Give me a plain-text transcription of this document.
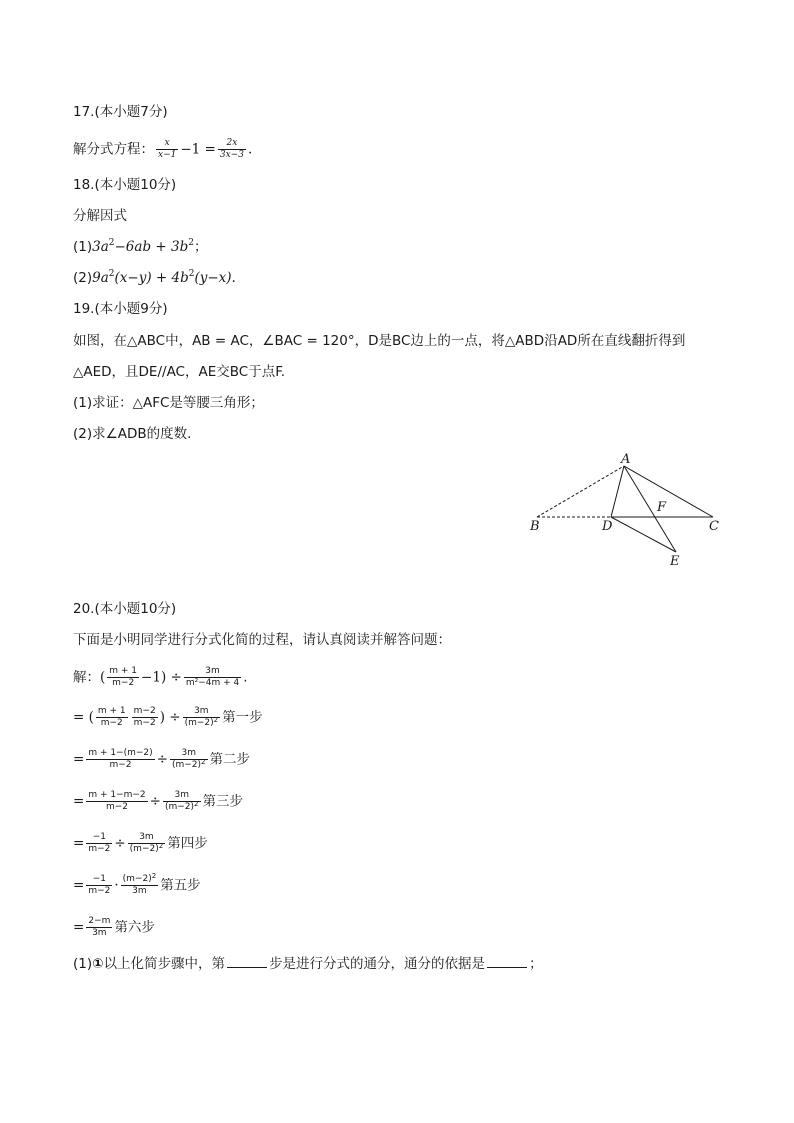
17.(本小题7分)
解分式方程： $\frac{x}{x-1} -1 = \frac{2x}{3x-3}$ .
18.(本小题10分)
分解因式
$(1)3a^2-6ab + 3b^2$；
$(2)9a^2(x-y) + 4b^2(y-x)$.
19.(本小题9分)
如图，在△ABC中，AB = AC，∠BAC = 120°，D是BC边上的一点，将△ABD沿AD所在直线翻折得到
△AED，且DE//AC，AE交BC于点F.
(1)求证：△AFC是等腰三角形；
(2)求∠ADB的度数.
A
B	C
D
E
F
20.(本小题10分)
下面是小明同学进行分式化简的过程，请认真阅读并解答问题：
解：( $\frac{m + 1}{m-2} -1) \div \frac{3m}{\text{m²−4m + 4}}$ .
= ( $\frac{m + 1}{m-2} \frac{m-2}{m-2}$ ) ÷ $\frac{3m}{(m-2)^2}$ 第一步
= $\frac{m + 1-(m-2)}{m-2} \div \frac{3m}{(m-2)^2}$ 第二步
= $\frac{m + 1-m-2}{m-2} \div \frac{3m}{(m-2)^2}$ 第三步
= $\frac{-1}{m-2} \div \frac{3m}{(m-2)^2}$ 第四步
= $\frac{-1}{m-2} \cdot \frac{(m-2)^2}{3m}$ 第五步
= $\frac{2-m}{3m}$ 第六步
(1)①以上化简步骤中，第	步是进行分式的通分，通分的依据是	；
